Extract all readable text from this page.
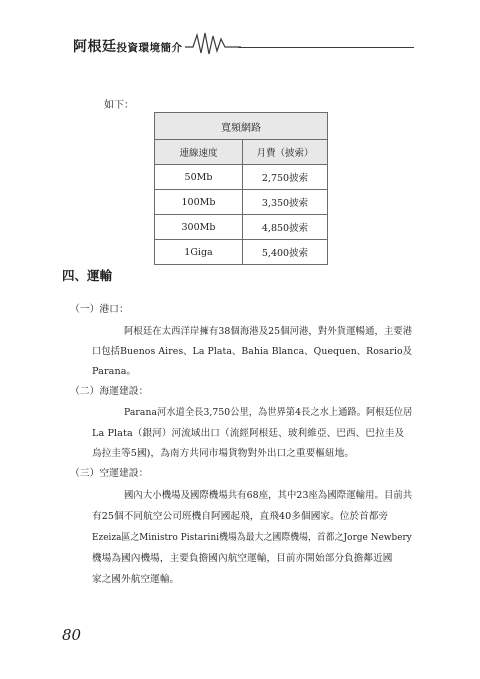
阿根廷投資環境簡介
如下：
寬頻網路	
連線速度	月費（披索）
50Mb	2,750披索
100Mb	3,350披索
300Mb	4,850披索
1Giga	5,400披索
四、運輸
（一）港口：
阿根廷在太西洋岸擁有38個海港及25個河港，對外貨運暢通，主要港
口包括Buenos Aires、La Plata、Bahia Blanca、Quequen、Rosario及
Parana。
（二）海運建設：
Parana河水道全長3,750公里，為世界第4長之水上通路。阿根廷位居
La Plata（銀河）河流域出口（流經阿根廷、玻利維亞、巴西、巴拉圭及
烏拉圭等5國)，為南方共同市場貨物對外出口之重要樞紐地。
（三）空運建設：
國內大小機場及國際機場共有68座，其中23座為國際運輸用。目前共
有25個不同航空公司班機自阿國起飛，直飛40多個國家。位於首都旁
Ezeiza區之Ministro Pistarini機場為最大之國際機場，首都之Jorge Newbery
機場為國內機場，主要負擔國內航空運輸，目前亦開始部分負擔鄰近國
家之國外航空運輸。
80
